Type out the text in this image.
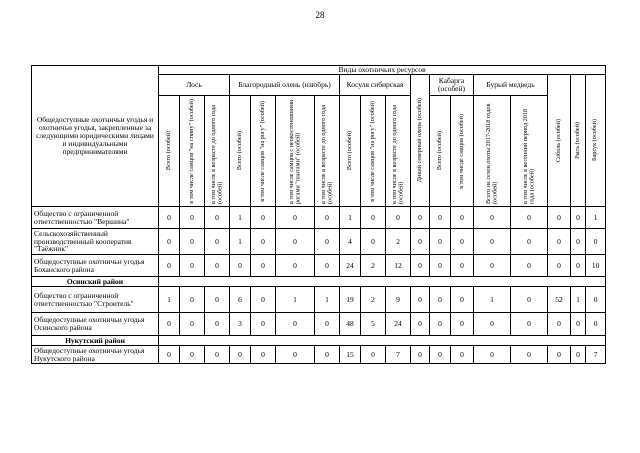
28
Общедоступные охотничьи угодья и охотничьи угодья, закрепленные за следующими юридическими лицами и индивидуальными предпринимателями	Виды охотничьих ресурсов																	
	Лось			Благородный олень (изюбрь)				Косуля сибирская			Дикий северный олень (особей)	Кабарга (особей)		Бурый медведь		Соболь (особей)	Рысь (особей)	Барсук (особей)

	Всего (особей)	в том числе самцов "на спину" (особей)	в том числе в возрасте до одного года (особей)	Всего (особей)	в том числе самцов "на рогу" (особей)	в том числе самцов с неокостеневшими рогами "пантами" (особей)	в том числе в возрасте до одного года (особей)	Всего (особей)	в том числе самцов "на рогу" (особей)	в том числе в возрасте до одного года (особей)		Всего (особей)	в том числе самцов (особей)	Всего на сезон охоты 2017-2018 годов (особей)	в том числе в весенний период 2018 года (особей)			

Общество с ограниченной ответственностью "Вершина"	0	0	0	1	0	0	0	1	0	0	0	0	0	0	0	0	0	1
Сельскохозяйственный производственный кооператив "Таёжник"	0	0	0	1	0	0	0	4	0	2	0	0	0	0	0	0	0	0
Общедоступные охотничьи угодья Боханского района	0	0	0	0	0	0	0	24	2	12	0	0	0	0	0	0	0	10
Осинский район																		
Общество с ограниченной ответственностью "Строитель"	1	0	0	6	0	1	1	19	2	9	0	0	0	1	0	52	1	0
Общедоступные охотничьи угодья Осинского района	0	0	0	3	0	0	0	48	5	24	0	0	0	0	0	0	0	0
Нукутский район																		
Общедоступные охотничьи угодья Нукутского района	0	0	0	0	0	0	0	15	0	7	0	0	0	0	0	0	0	7
